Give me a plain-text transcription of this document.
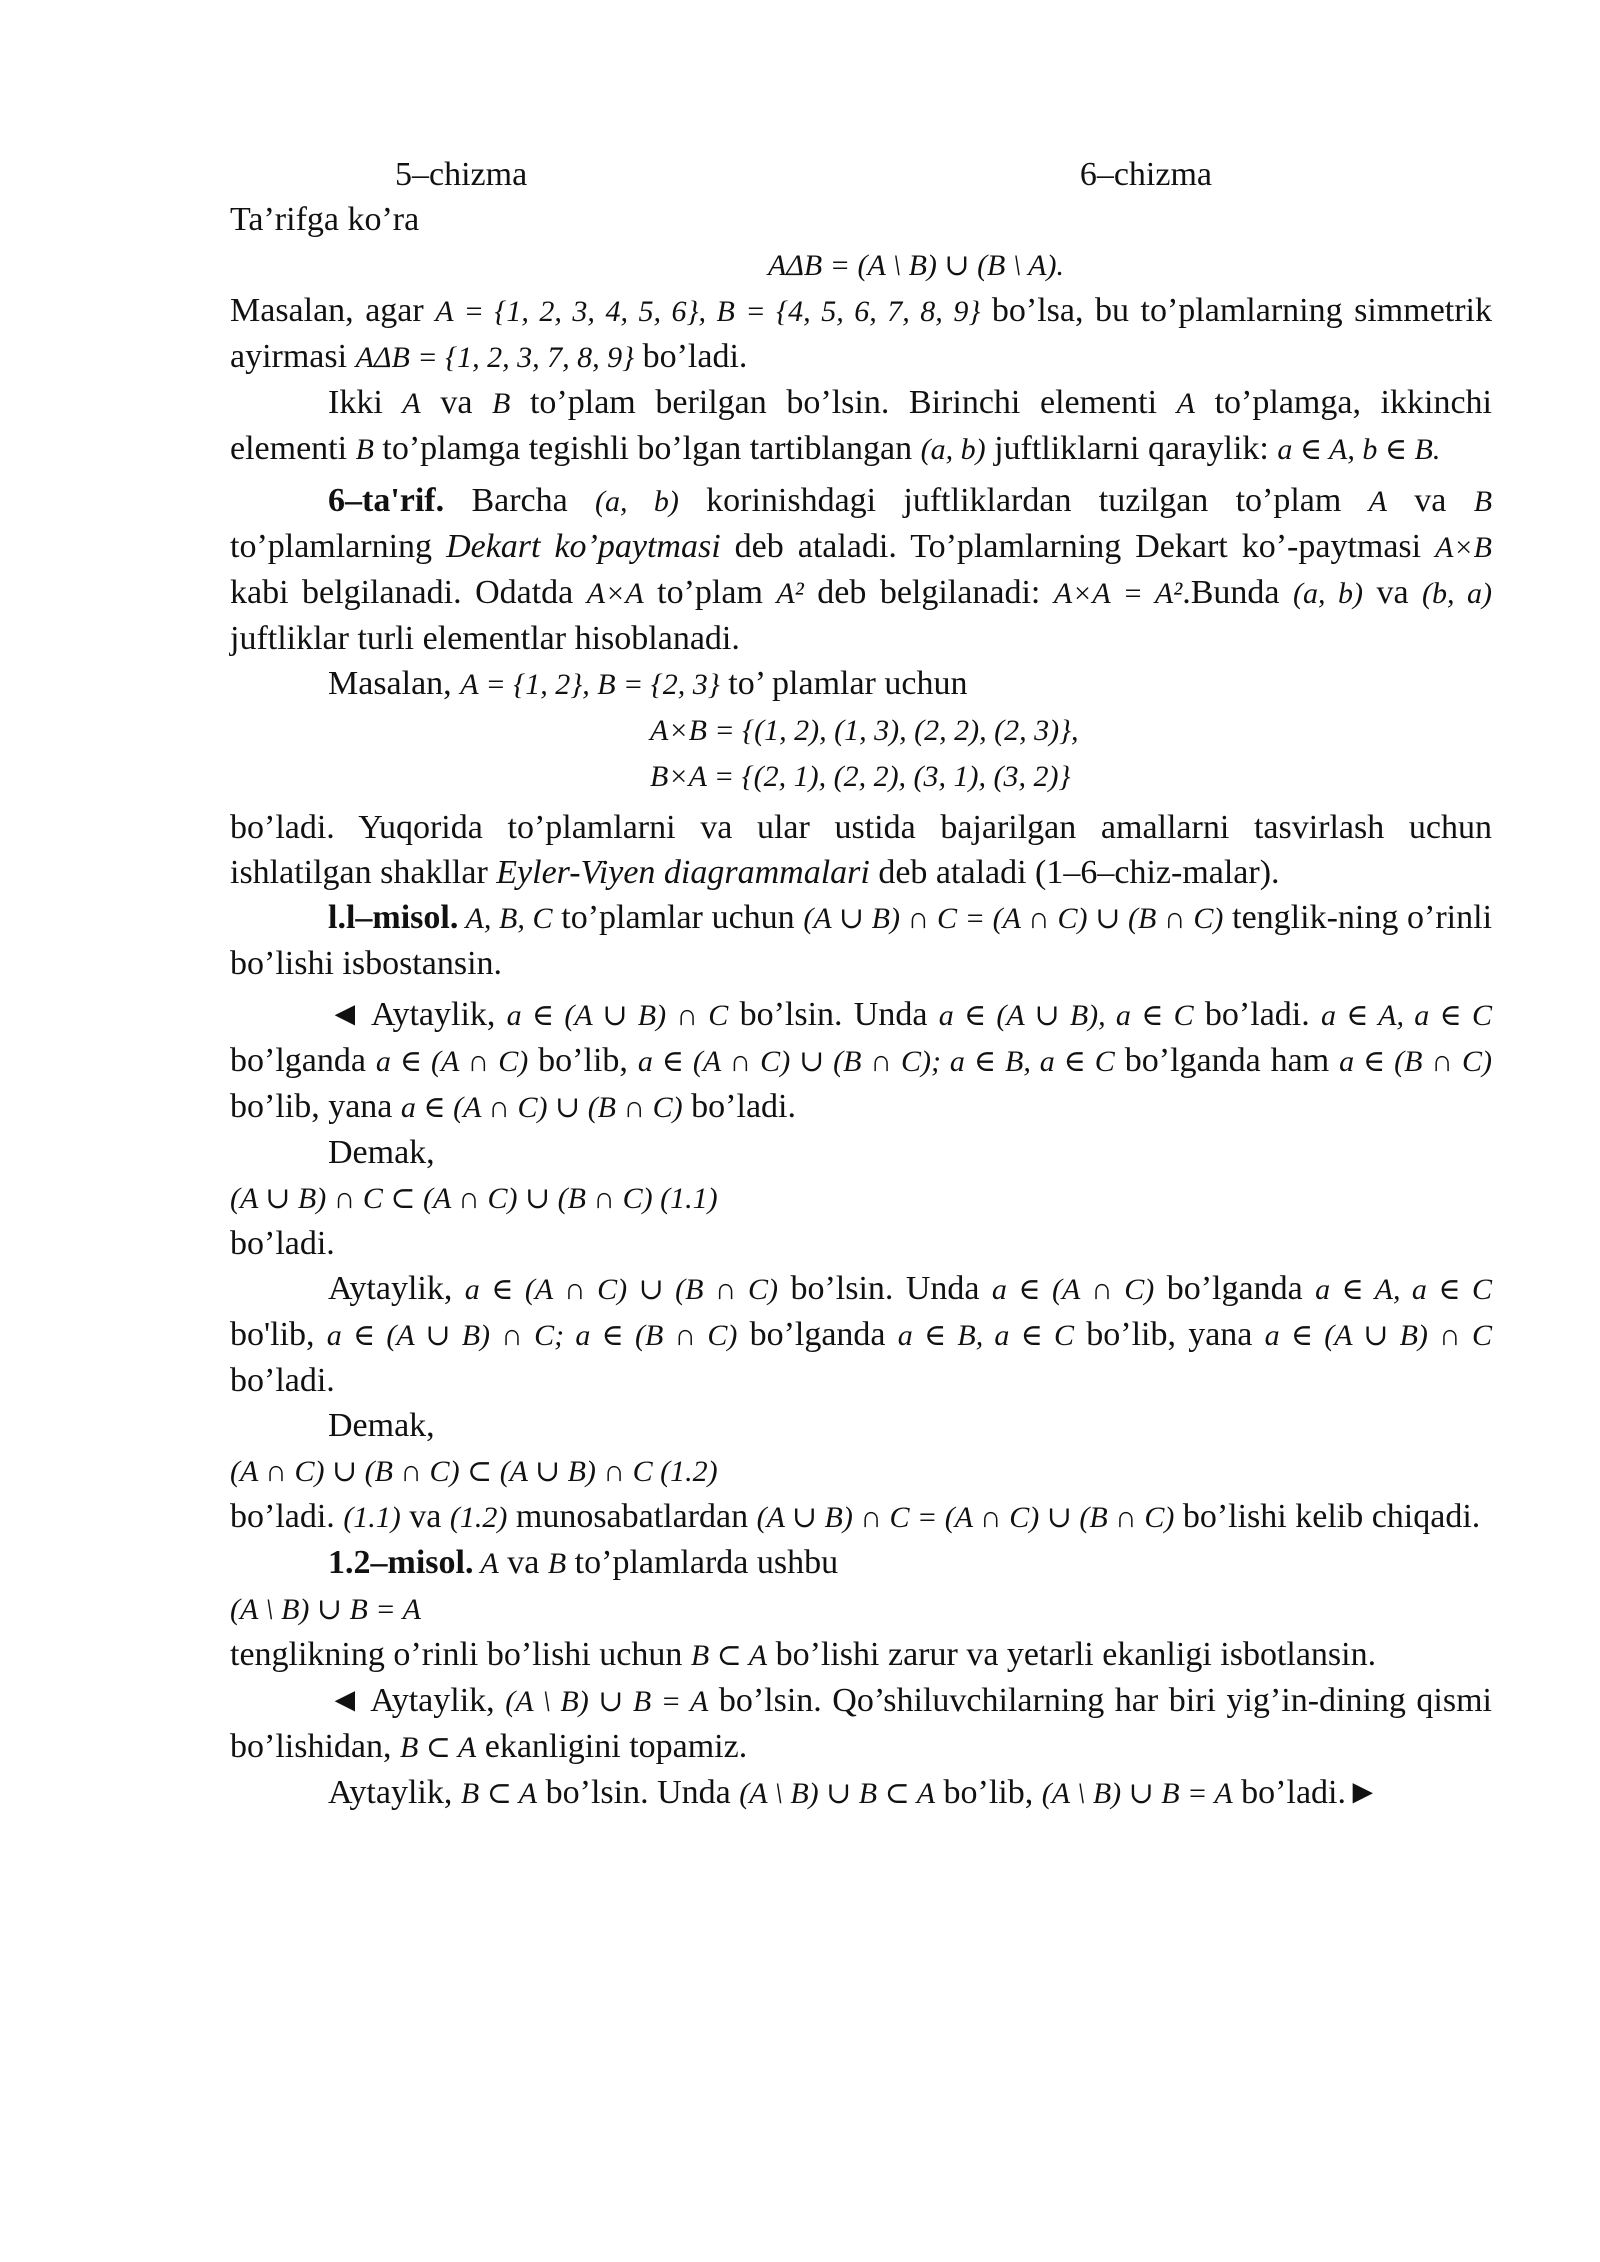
5–chizma	6–chizma

Ta’rifga ko’ra

AΔB = (A \ B) ∪ (B \ A).

Masalan, agar A = {1, 2, 3, 4, 5, 6}, B = {4, 5, 6, 7, 8, 9} bo’lsa, bu to’plamlarning simmetrik ayirmasi AΔB = {1, 2, 3, 7, 8, 9} bo’ladi.

Ikki A va B to’plam berilgan bo’lsin. Birinchi elementi A to’plamga, ikkinchi elementi B to’plamga tegishli bo’lgan tartiblangan (a, b) juftliklarni qaraylik: a ∈ A, b ∈ B.

6–ta'rif. Barcha (a, b) korinishdagi juftliklardan tuzilgan to’plam A va B to’plamlarning Dekart ko’paytmasi deb ataladi. To’plamlarning Dekart ko’-paytmasi A×B kabi belgilanadi. Odatda A×A to’plam A² deb belgilanadi: A×A = A².Bunda (a, b) va (b, a) juftliklar turli elementlar hisoblanadi.

Masalan, A = {1, 2}, B = {2, 3} to’ plamlar uchun

A×B = {(1, 2), (1, 3), (2, 2), (2, 3)},

B×A = {(2, 1), (2, 2), (3, 1), (3, 2)}

bo’ladi. Yuqorida to’plamlarni va ular ustida bajarilgan amallarni tasvirlash uchun ishlatilgan shakllar Eyler-Viyen diagrammalari deb ataladi (1–6–chiz-malar).

l.l–misol. A, B, C to’plamlar uchun (A ∪ B) ∩ C = (A ∩ C) ∪ (B ∩ C) tenglik-ning o’rinli bo’lishi isbostansin.

◄ Aytaylik, a ∈ (A ∪ B) ∩ C bo’lsin. Unda a ∈ (A ∪ B), a ∈ C bo’ladi. a ∈ A, a ∈ C bo’lganda a ∈ (A ∩ C) bo’lib, a ∈ (A ∩ C) ∪ (B ∩ C); a ∈ B, a ∈ C bo’lganda ham a ∈ (B ∩ C) bo’lib, yana a ∈ (A ∩ C) ∪ (B ∩ C) bo’ladi.

Demak,

(A ∪ B) ∩ C ⊂ (A ∩ C) ∪ (B ∩ C) (1.1)

bo’ladi.

Aytaylik, a ∈ (A ∩ C) ∪ (B ∩ C) bo’lsin. Unda a ∈ (A ∩ C) bo’lganda a ∈ A, a ∈ C bo'lib, a ∈ (A ∪ B) ∩ C; a ∈ (B ∩ C) bo’lganda a ∈ B, a ∈ C bo’lib, yana a ∈ (A ∪ B) ∩ C bo’ladi.

Demak,

(A ∩ C) ∪ (B ∩ C) ⊂ (A ∪ B) ∩ C (1.2)

bo’ladi. (1.1) va (1.2) munosabatlardan (A ∪ B) ∩ C = (A ∩ C) ∪ (B ∩ C) bo’lishi kelib chiqadi.

1.2–misol. A va B to’plamlarda ushbu

(A \ B) ∪ B = A

tenglikning o’rinli bo’lishi uchun B ⊂ A bo’lishi zarur va yetarli ekanligi isbotlansin.

◄ Aytaylik, (A \ B) ∪ B = A bo’lsin. Qo’shiluvchilarning har biri yig’in-dining qismi bo’lishidan, B ⊂ A ekanligini topamiz.

Aytaylik, B ⊂ A bo’lsin. Unda (A \ B) ∪ B ⊂ A bo’lib, (A \ B) ∪ B = A bo’ladi.►
